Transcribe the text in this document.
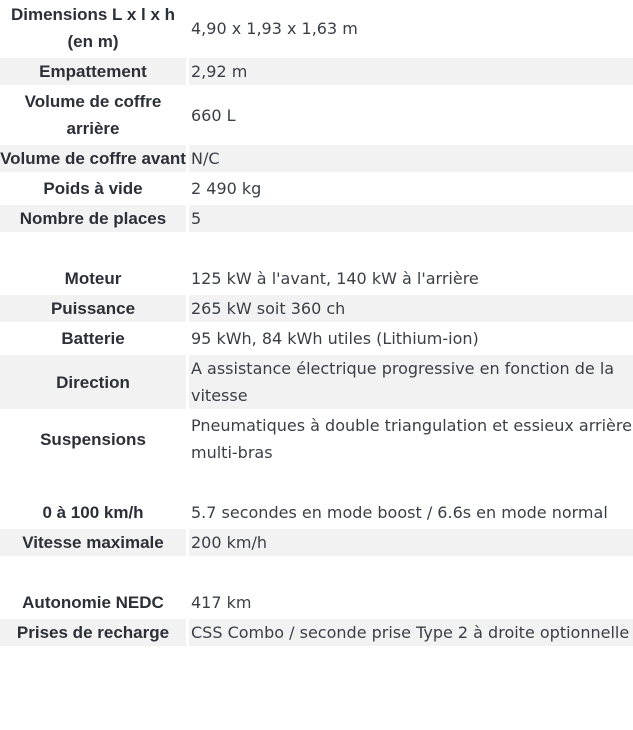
Dimensions L x l x h (en m)	4,90 x 1,93 x 1,63 m
Empattement	2,92 m
Volume de coffre arrière	660 L
Volume de coffre avant	N/C
Poids à vide	2 490 kg
Nombre de places	5

Moteur	125 kW à l'avant, 140 kW à l'arrière
Puissance	265 kW soit 360 ch
Batterie	95 kWh, 84 kWh utiles (Lithium-ion)
Direction	A assistance électrique progressive en fonction de la vitesse
Suspensions	Pneumatiques à double triangulation et essieux arrière multi-bras

0 à 100 km/h	5.7 secondes en mode boost / 6.6s en mode normal
Vitesse maximale	200 km/h

Autonomie NEDC	417 km
Prises de recharge	CSS Combo / seconde prise Type 2 à droite optionnelle
